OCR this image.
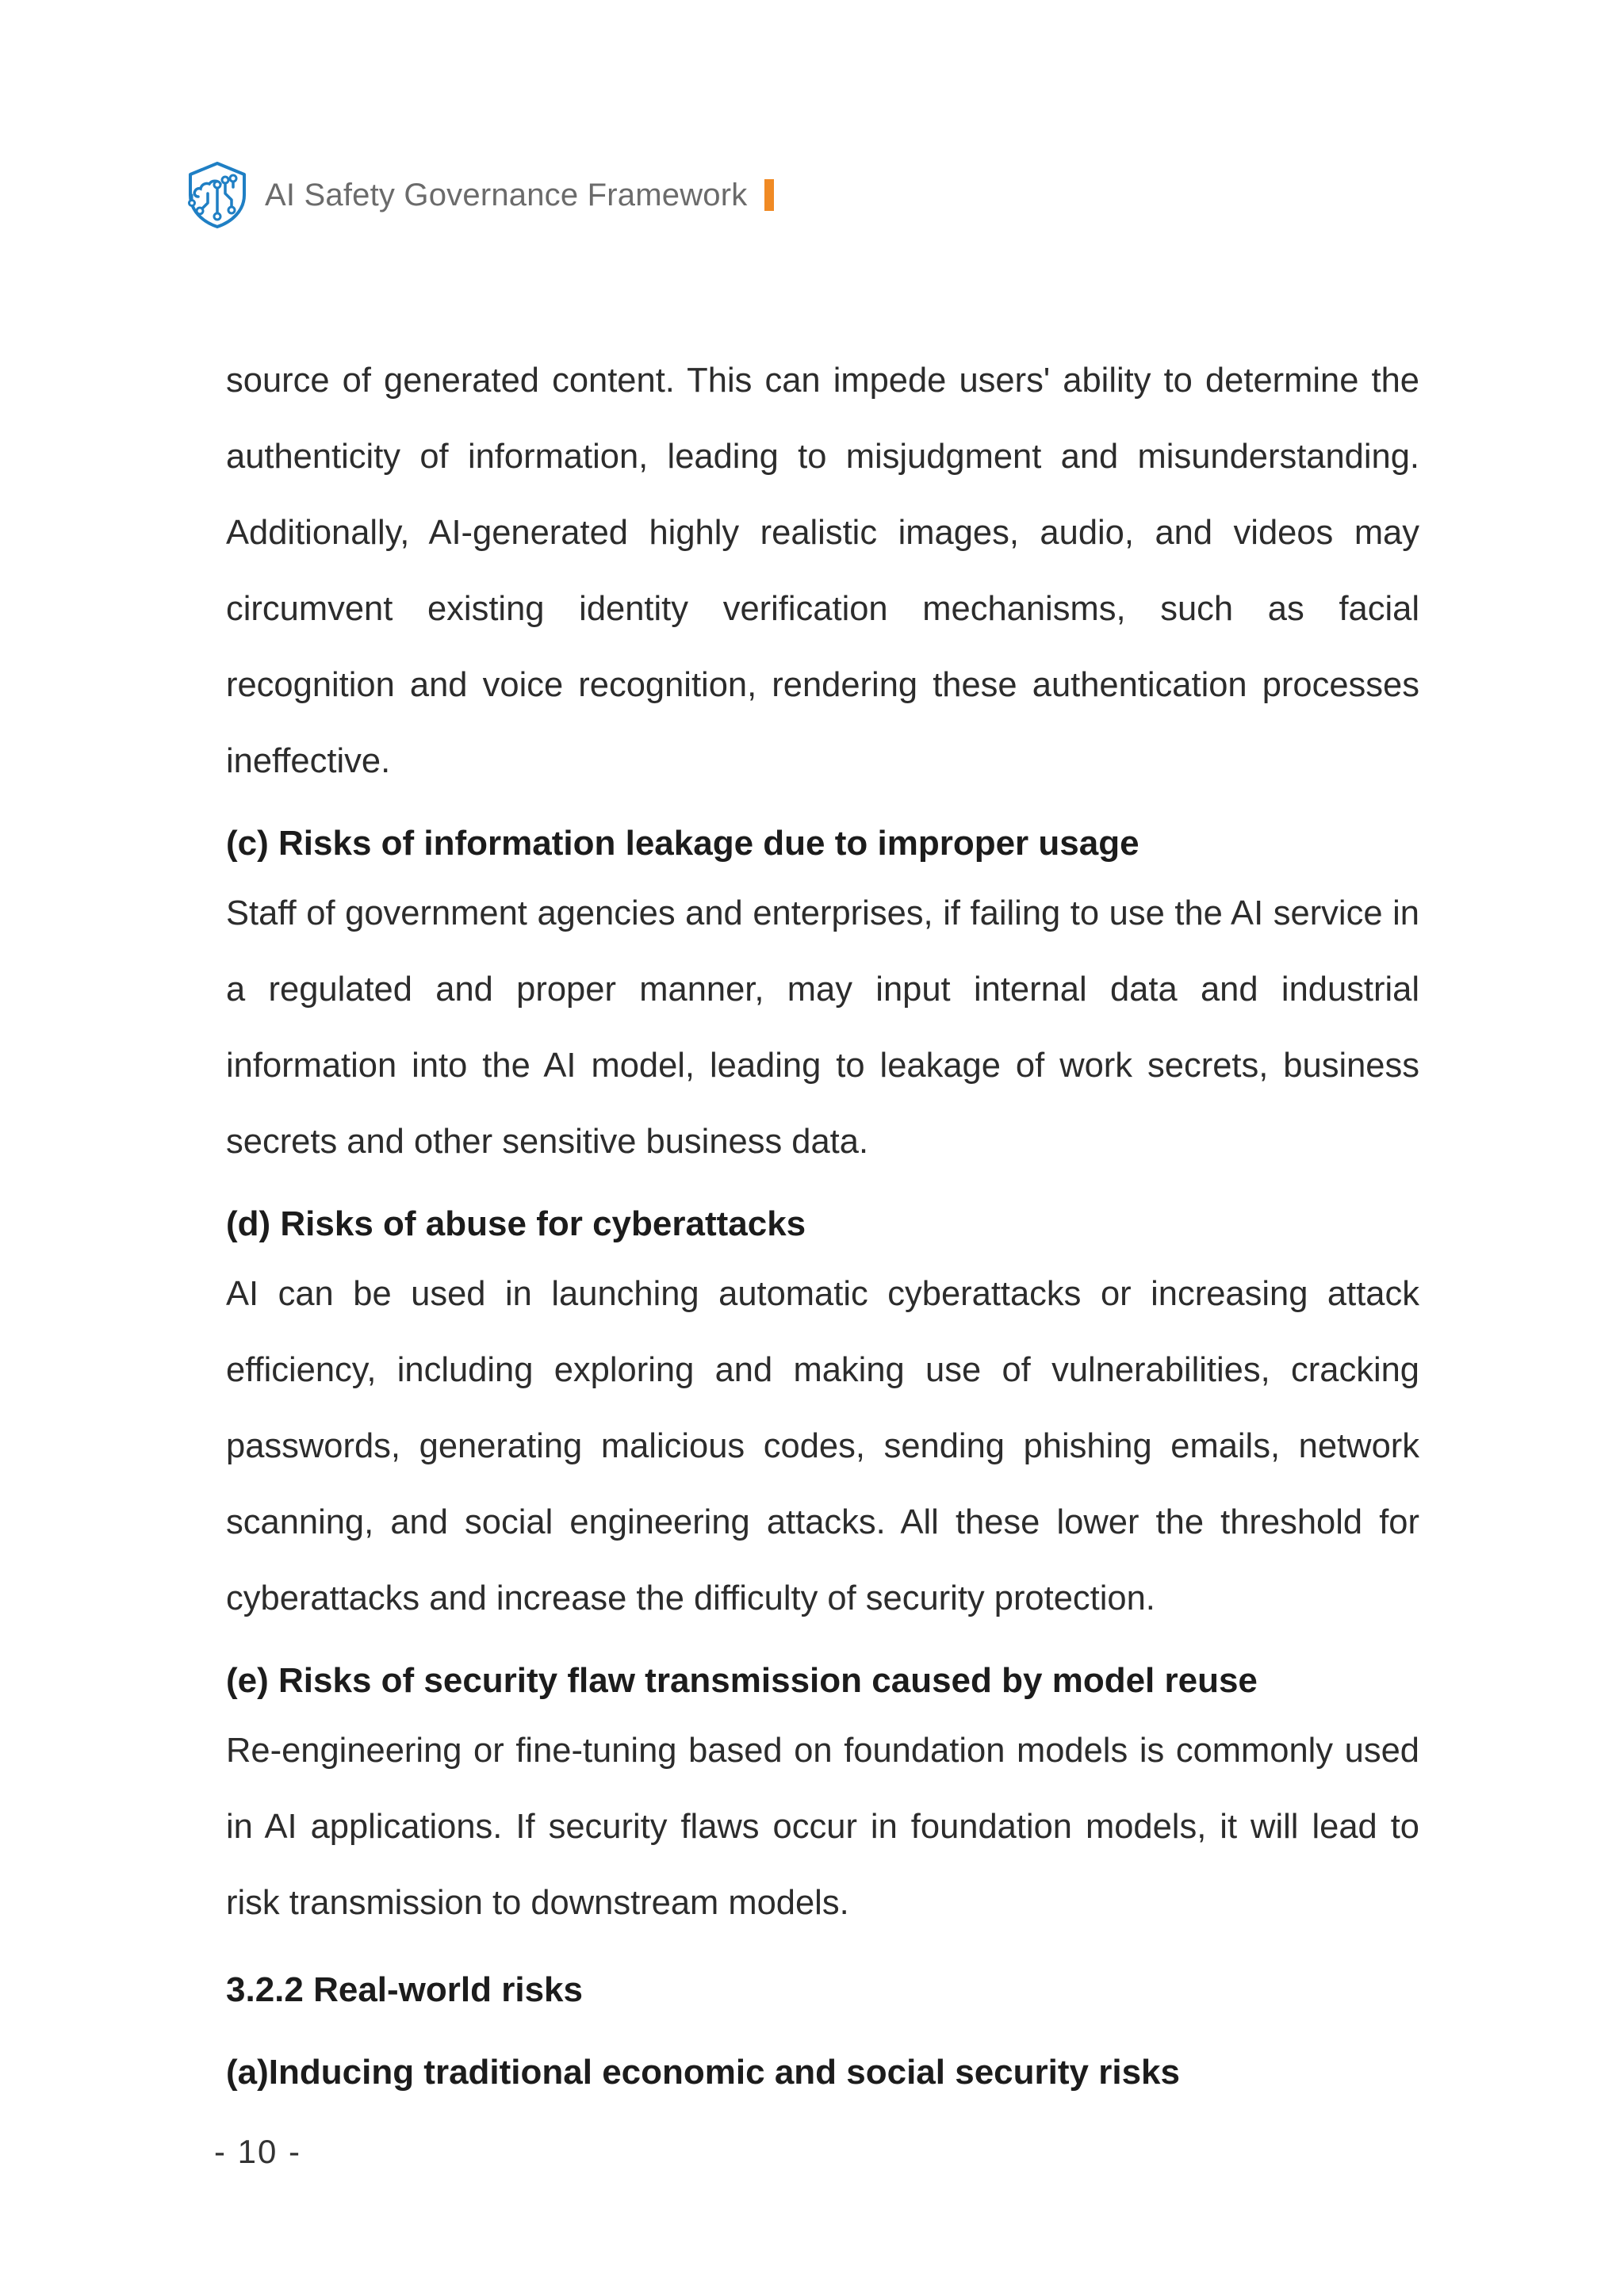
AI Safety Governance Framework

source of generated content. This can impede users' ability to determine the authenticity of information, leading to misjudgment and misunderstanding. Additionally, AI-generated highly realistic images, audio, and videos may circumvent existing identity verification mechanisms, such as facial recognition and voice recognition, rendering these authentication processes ineffective.

(c) Risks of information leakage due to improper usage

Staff of government agencies and enterprises, if failing to use the AI service in a regulated and proper manner, may input internal data and industrial information into the AI model, leading to leakage of work secrets, business secrets and other sensitive business data.

(d) Risks of abuse for cyberattacks

AI can be used in launching automatic cyberattacks or increasing attack efficiency, including exploring and making use of vulnerabilities, cracking passwords, generating malicious codes, sending phishing emails, network scanning, and social engineering attacks. All these lower the threshold for cyberattacks and increase the difficulty of security protection.

(e) Risks of security flaw transmission caused by model reuse

Re-engineering or fine-tuning based on foundation models is commonly used in AI applications. If security flaws occur in foundation models, it will lead to risk transmission to downstream models.

3.2.2 Real-world risks
(a)Inducing traditional economic and social security risks
- 10 -
